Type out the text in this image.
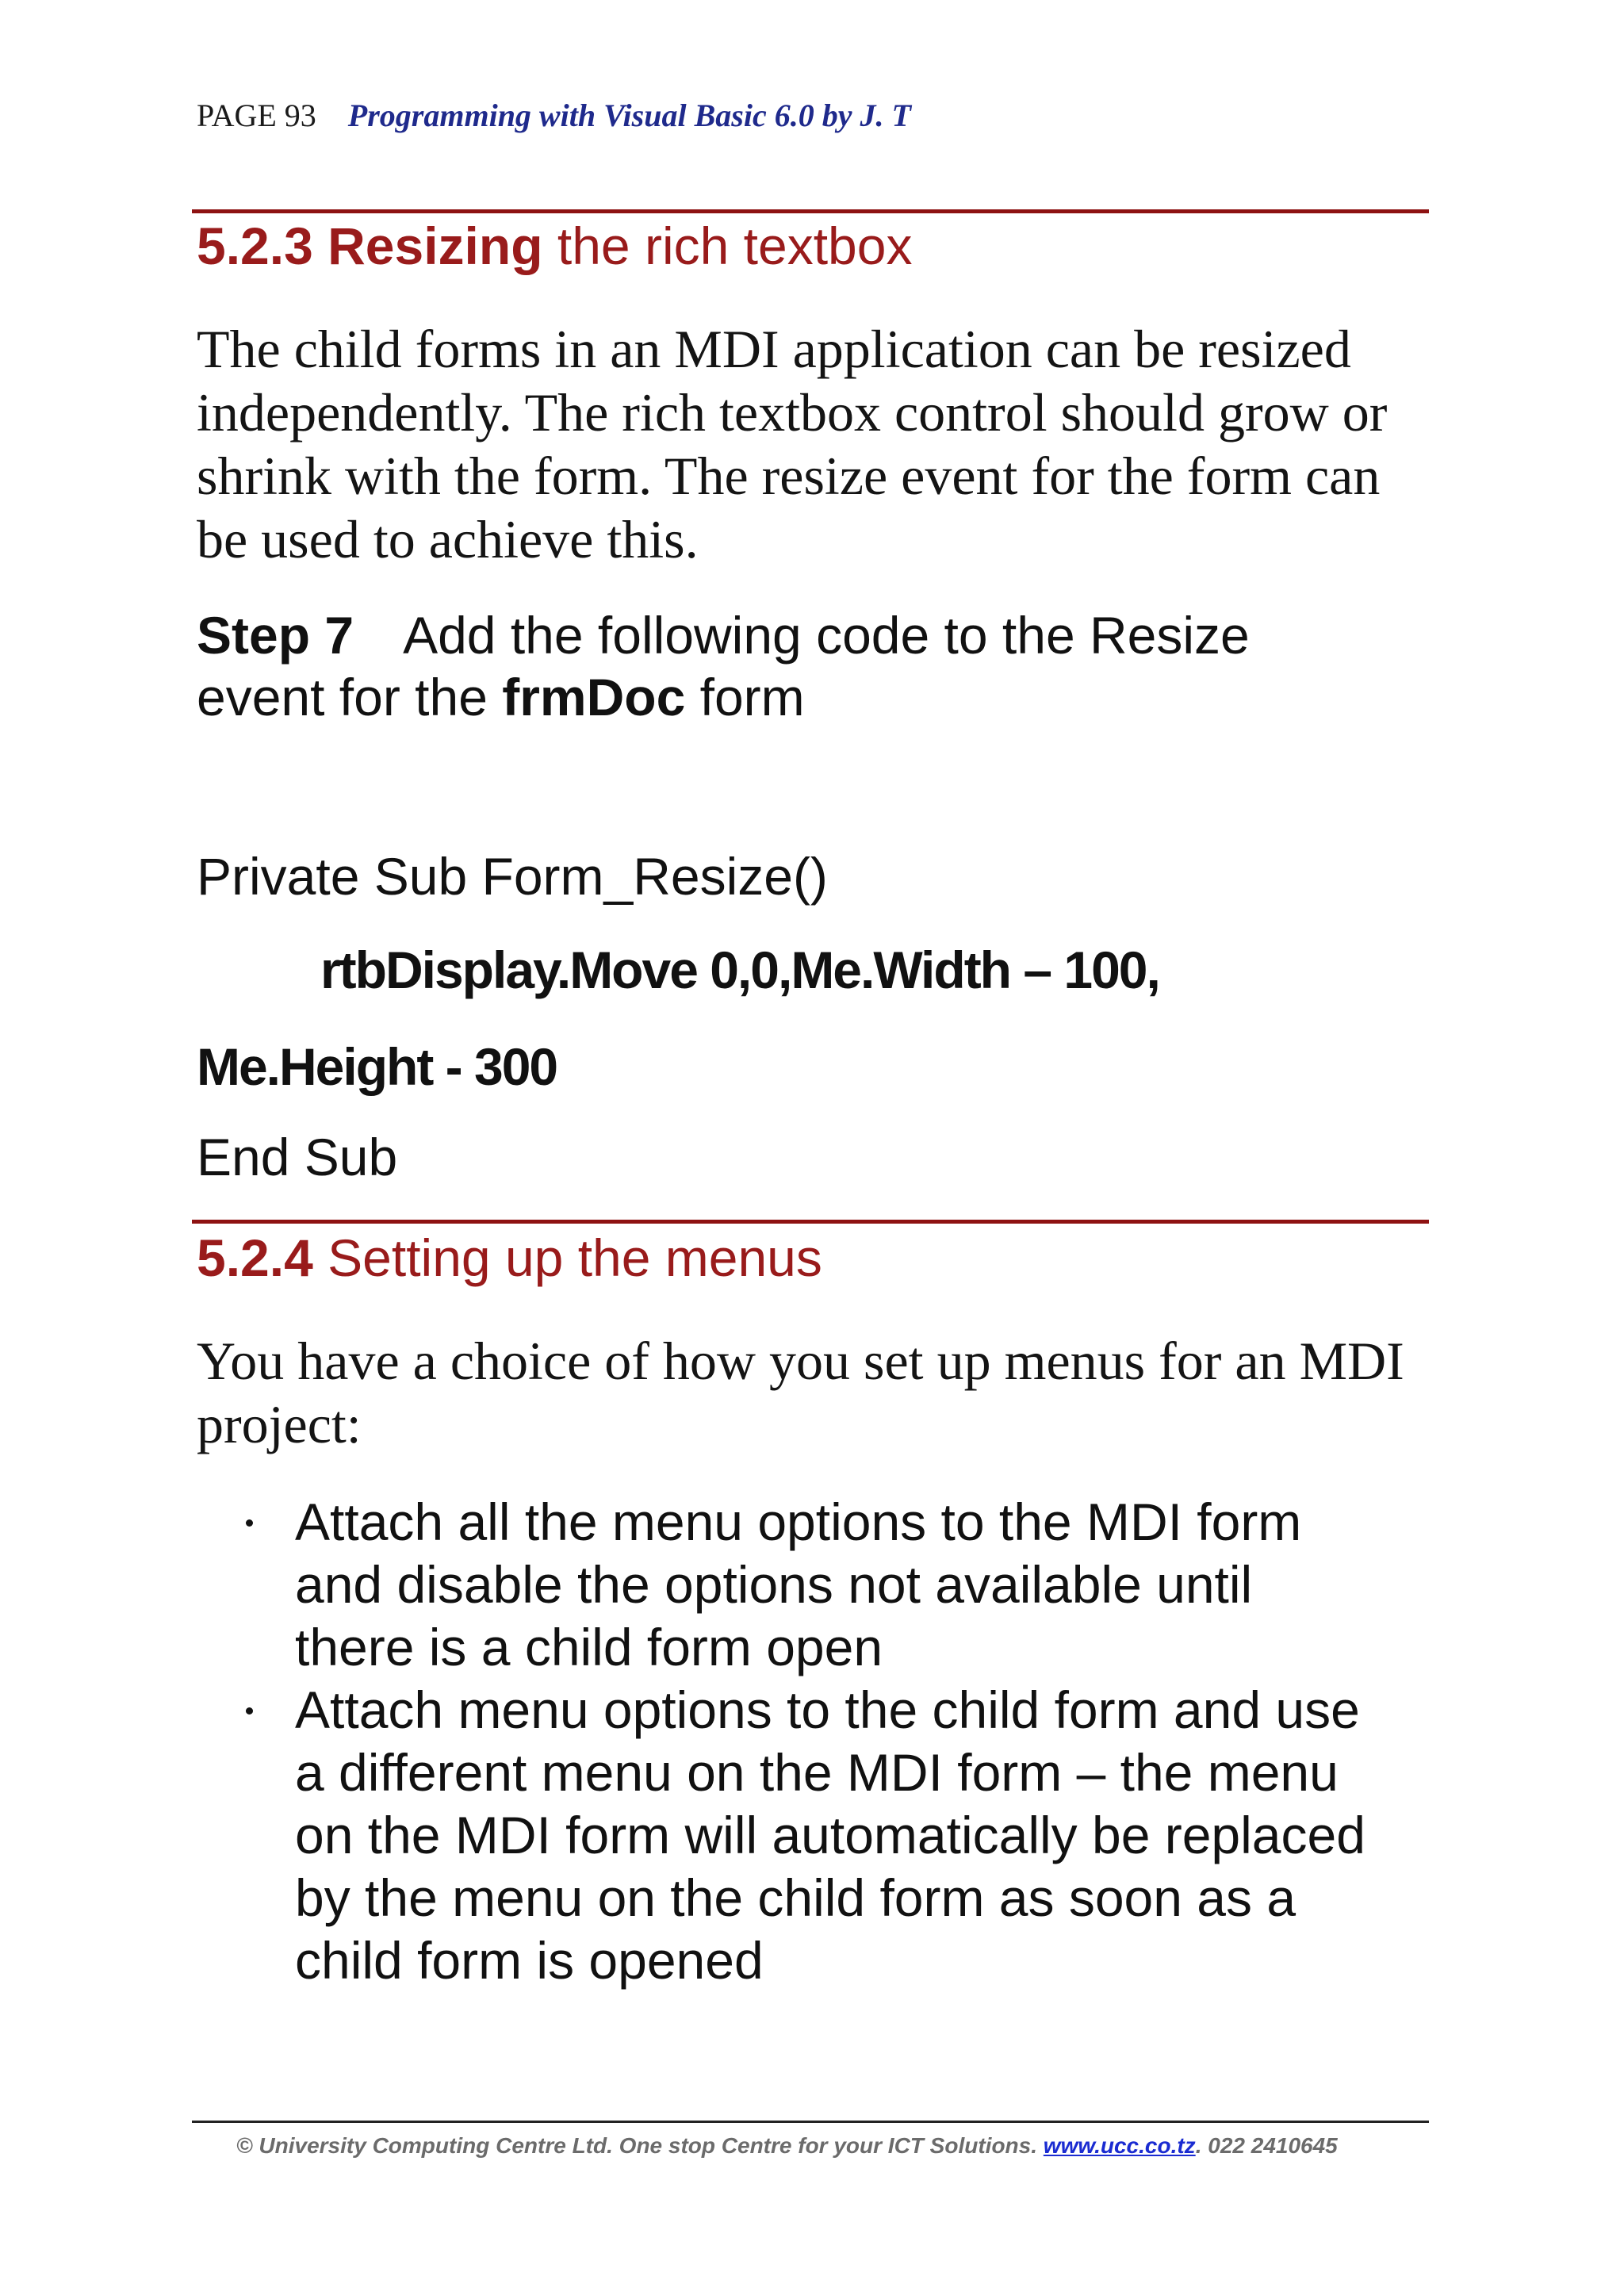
PAGE 93 Programming with Visual Basic 6.0 by J. T
5.2.3 Resizing the rich textbox
The child forms in an MDI application can be resized
independently. The rich textbox control should grow or
shrink with the form. The resize event for the form can
be used to achieve this.
Step 7 Add the following code to the Resize
event for the frmDoc form
Private Sub Form_Resize()
rtbDisplay.Move 0,0,Me.Width – 100,
Me.Height - 300
End Sub
5.2.4 Setting up the menus
You have a choice of how you set up menus for an MDI
project:
Attach all the menu options to the MDI form
and disable the options not available until
there is a child form open
Attach menu options to the child form and use
a different menu on the MDI form – the menu
on the MDI form will automatically be replaced
by the menu on the child form as soon as a
child form is opened
© University Computing Centre Ltd. One stop Centre for your ICT Solutions. www.ucc.co.tz. 022 2410645
